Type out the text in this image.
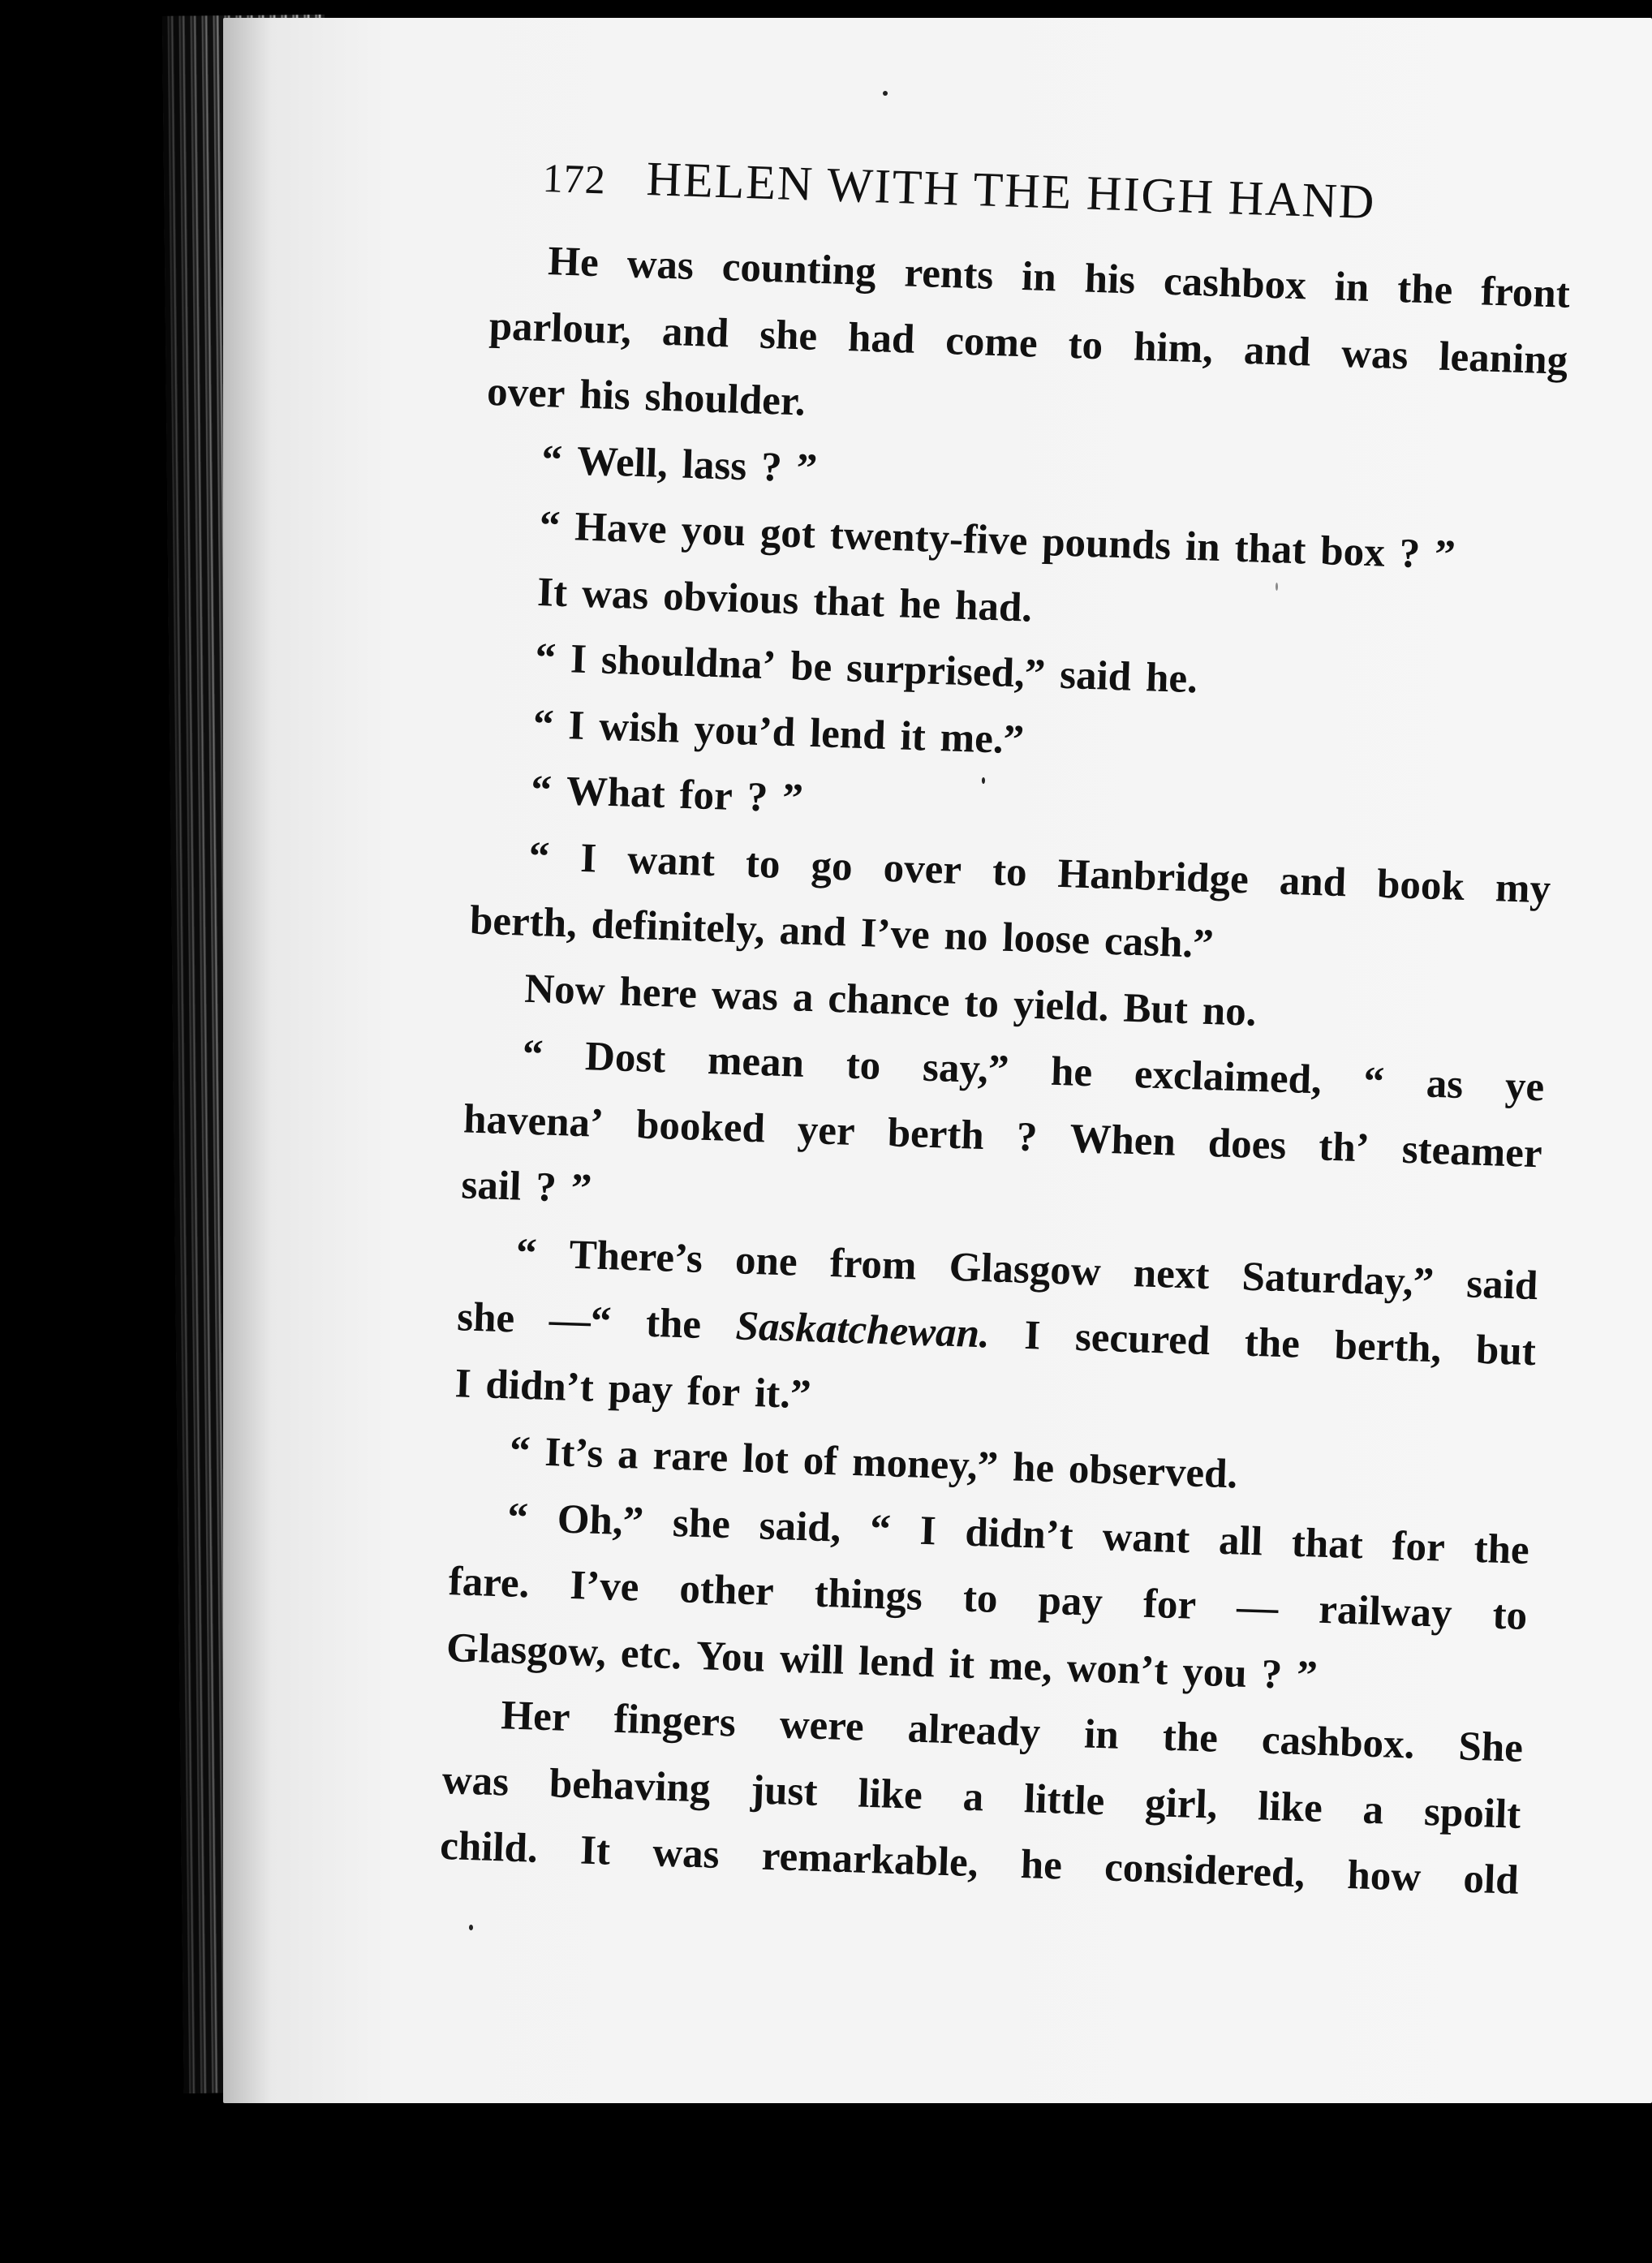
172 HELEN WITH THE HIGH HAND
He was counting rents in his cashbox in the front
parlour, and she had come to him, and was leaning
over his shoulder.
“ Well, lass ? ”
“ Have you got twenty-five pounds in that box ? ”
It was obvious that he had.
“ I shouldna’ be surprised,” said he.
“ I wish you’d lend it me.”
“ What for ? ”
“ I want to go over to Hanbridge and book my
berth, definitely, and I’ve no loose cash.”
Now here was a chance to yield. But no.
“ Dost mean to say,” he exclaimed, “ as ye
havena’ booked yer berth ? When does th’ steamer
sail ? ”
“ There’s one from Glasgow next Saturday,” said
she —“ the Saskatchewan. I secured the berth, but
I didn’t pay for it.”
“ It’s a rare lot of money,” he observed.
“ Oh,” she said, “ I didn’t want all that for the
fare. I’ve other things to pay for — railway to
Glasgow, etc. You will lend it me, won’t you ? ”
Her fingers were already in the cashbox. She
was behaving just like a little girl, like a spoilt
child. It was remarkable, he considered, how old
